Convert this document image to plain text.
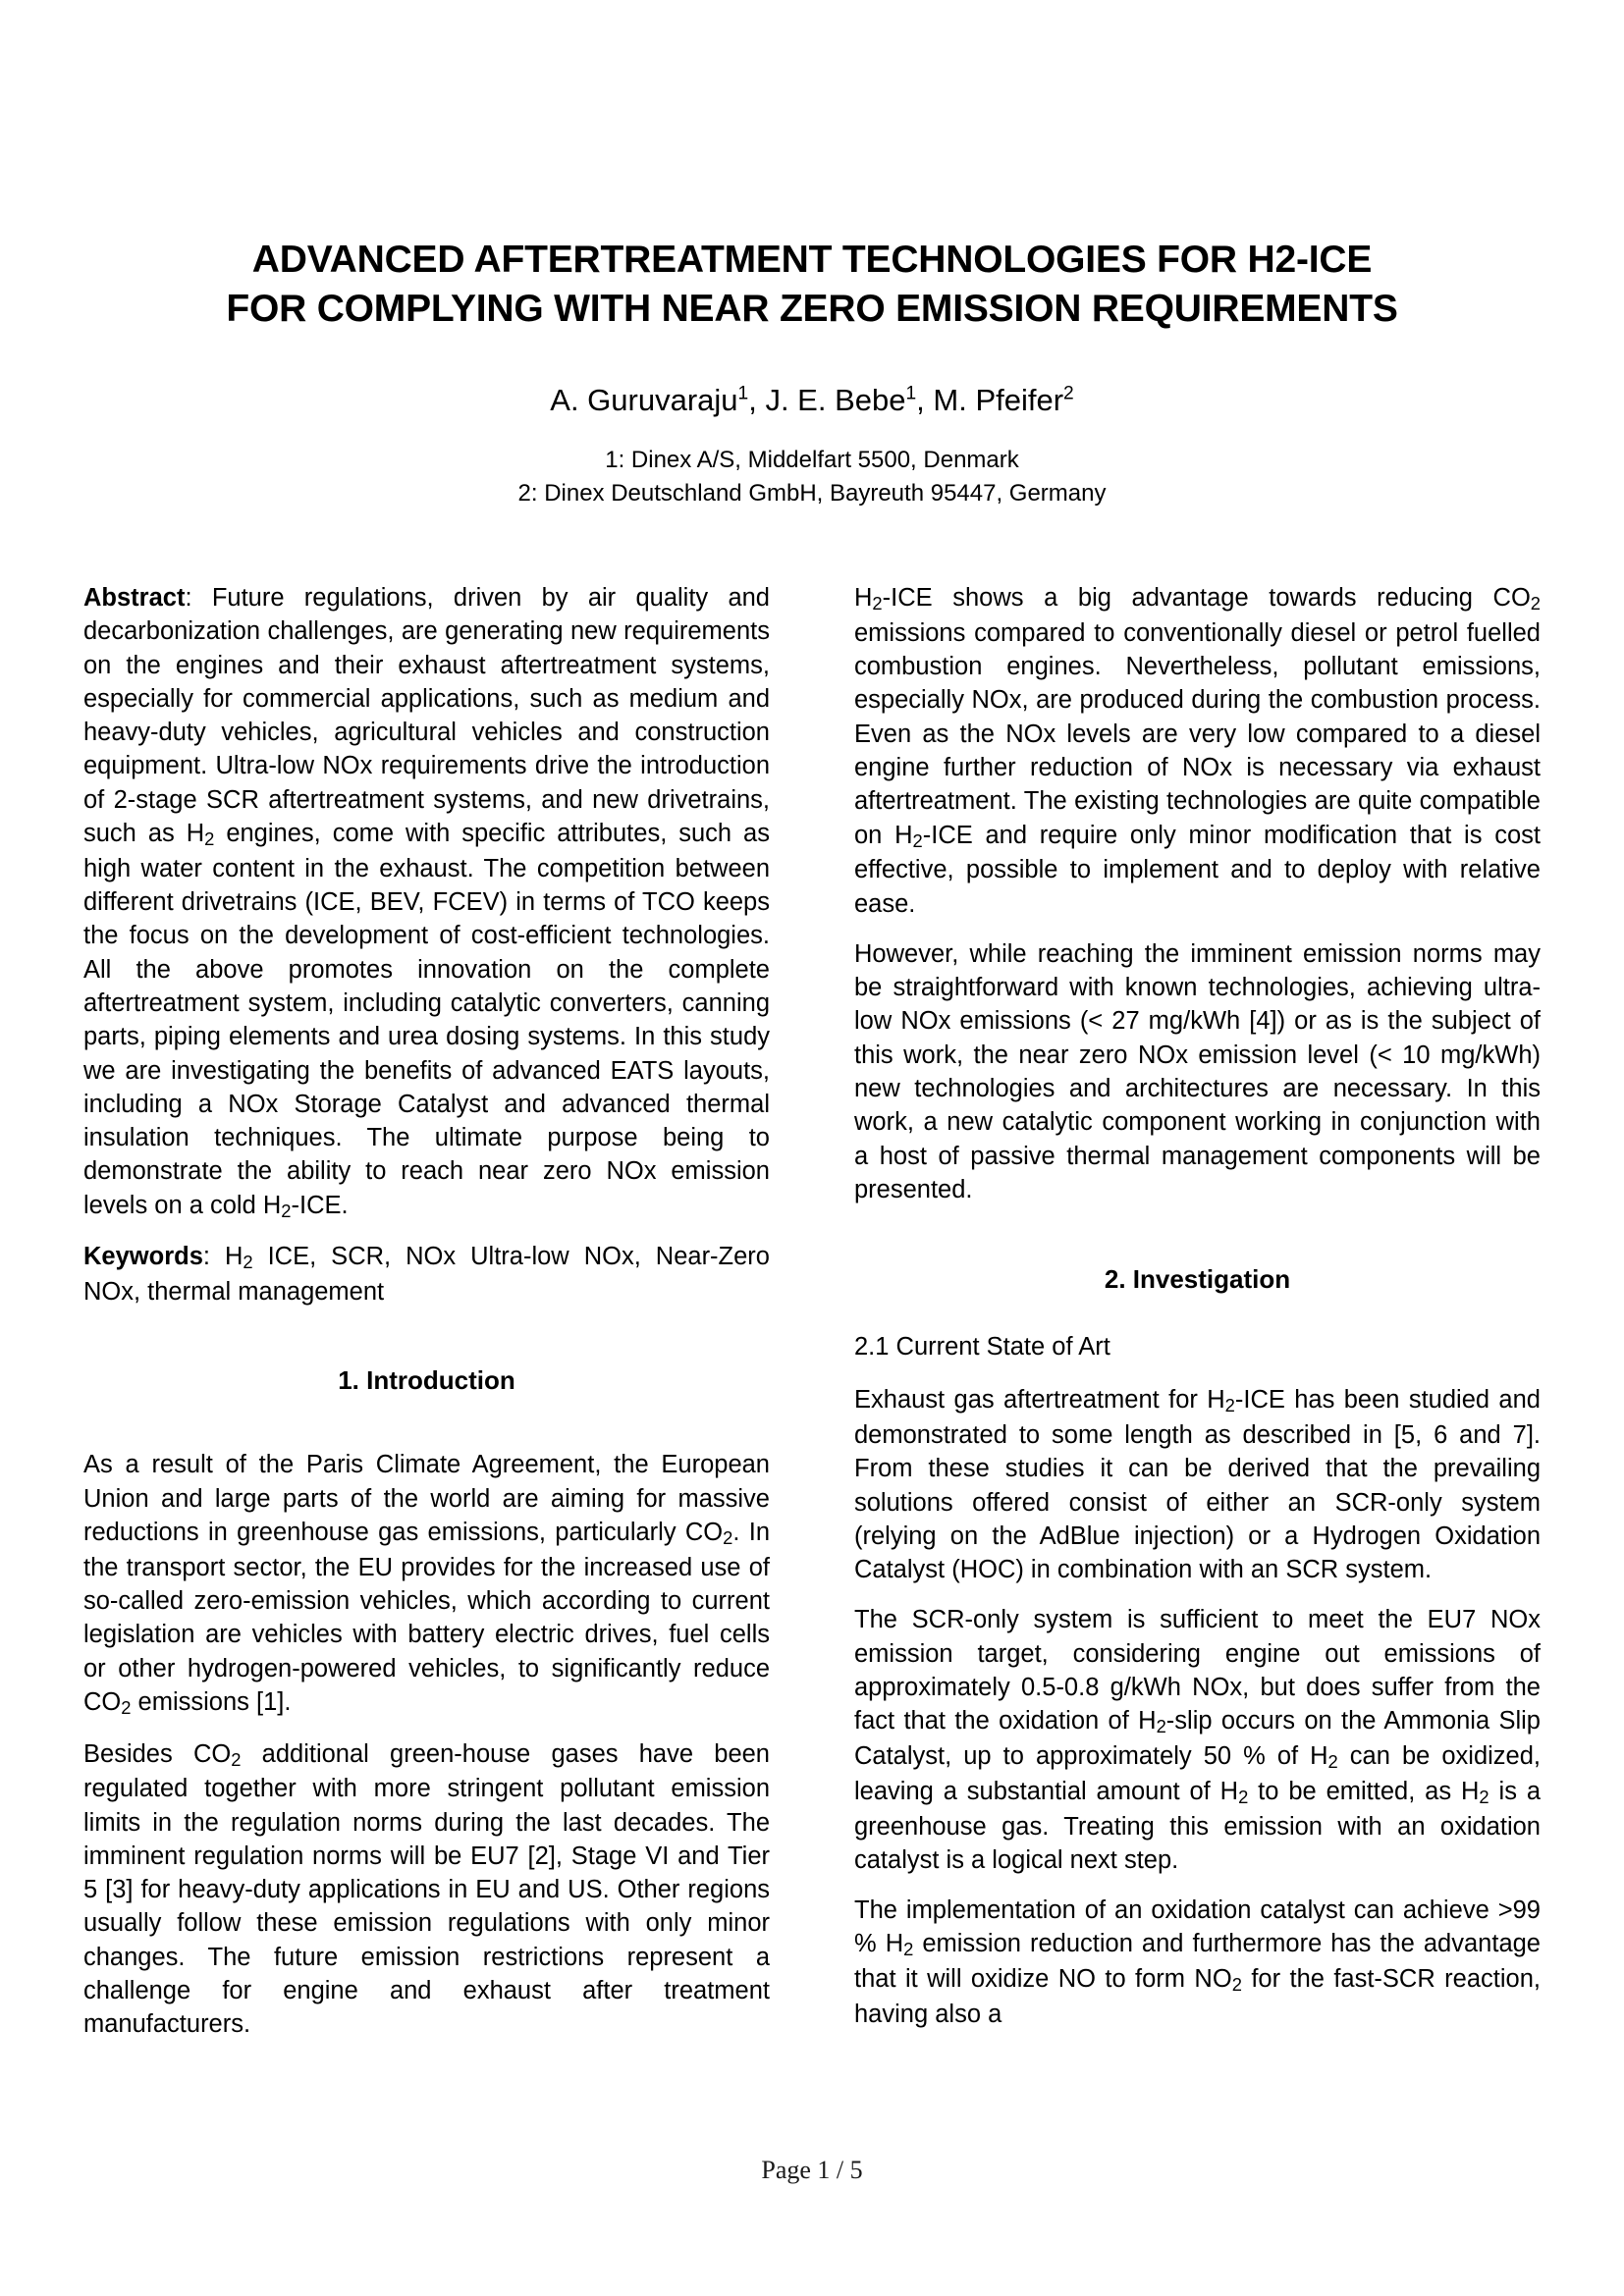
ADVANCED AFTERTREATMENT TECHNOLOGIES FOR H2-ICE
FOR COMPLYING WITH NEAR ZERO EMISSION REQUIREMENTS
A. Guruvaraju$^1$, J. E. Bebe$^1$, M. Pfeifer$^2$
1: Dinex A/S, Middelfart 5500, Denmark
2: Dinex Deutschland GmbH, Bayreuth 95447, Germany

Abstract: Future regulations, driven by air quality and decarbonization challenges, are generating new requirements on the engines and their exhaust aftertreatment systems, especially for commercial applications, such as medium and heavy-duty vehicles, agricultural vehicles and construction equipment. Ultra-low NOx requirements drive the introduction of 2-stage SCR aftertreatment systems, and new drivetrains, such as $H_2$ engines, come with specific attributes, such as high water content in the exhaust. The competition between different drivetrains (ICE, BEV, FCEV) in terms of TCO keeps the focus on the development of cost-efficient technologies. All the above promotes innovation on the complete aftertreatment system, including catalytic converters, canning parts, piping elements and urea dosing systems. In this study we are investigating the benefits of advanced EATS layouts, including a NOx Storage Catalyst and advanced thermal insulation techniques. The ultimate purpose being to demonstrate the ability to reach near zero NOx emission levels on a cold $H_2$-ICE.

Keywords: $H_2$ ICE, SCR, NOx Ultra-low NOx, Near-Zero NOx, thermal management

1. Introduction

As a result of the Paris Climate Agreement, the European Union and large parts of the world are aiming for massive reductions in greenhouse gas emissions, particularly $CO_2$. In the transport sector, the EU provides for the increased use of so-called zero-emission vehicles, which according to current legislation are vehicles with battery electric drives, fuel cells or other hydrogen-powered vehicles, to significantly reduce $CO_2$ emissions [1].

Besides $CO_2$ additional green-house gases have been regulated together with more stringent pollutant emission limits in the regulation norms during the last decades. The imminent regulation norms will be EU7 [2], Stage VI and Tier 5 [3] for heavy-duty applications in EU and US. Other regions usually follow these emission regulations with only minor changes. The future emission restrictions represent a challenge for engine and exhaust after treatment manufacturers.

$H_2$-ICE shows a big advantage towards reducing $CO_2$ emissions compared to conventionally diesel or petrol fuelled combustion engines. Nevertheless, pollutant emissions, especially NOx, are produced during the combustion process. Even as the NOx levels are very low compared to a diesel engine further reduction of NOx is necessary via exhaust aftertreatment. The existing technologies are quite compatible on $H_2$-ICE and require only minor modification that is cost effective, possible to implement and to deploy with relative ease.

However, while reaching the imminent emission norms may be straightforward with known technologies, achieving ultra-low NOx emissions (< 27 mg/kWh [4]) or as is the subject of this work, the near zero NOx emission level (< 10 mg/kWh) new technologies and architectures are necessary. In this work, a new catalytic component working in conjunction with a host of passive thermal management components will be presented.

2. Investigation
2.1 Current State of Art

Exhaust gas aftertreatment for $H_2$-ICE has been studied and demonstrated to some length as described in [5, 6 and 7]. From these studies it can be derived that the prevailing solutions offered consist of either an SCR-only system (relying on the AdBlue injection) or a Hydrogen Oxidation Catalyst (HOC) in combination with an SCR system.

The SCR-only system is sufficient to meet the EU7 NOx emission target, considering engine out emissions of approximately 0.5-0.8 g/kWh NOx, but does suffer from the fact that the oxidation of $H_2$-slip occurs on the Ammonia Slip Catalyst, up to approximately 50 % of $H_2$ can be oxidized, leaving a substantial amount of $H_2$ to be emitted, as $H_2$ is a greenhouse gas. Treating this emission with an oxidation catalyst is a logical next step.

The implementation of an oxidation catalyst can achieve >99 % $H_2$ emission reduction and furthermore has the advantage that it will oxidize NO to form $NO_2$ for the fast-SCR reaction, having also a

Page 1 / 5
